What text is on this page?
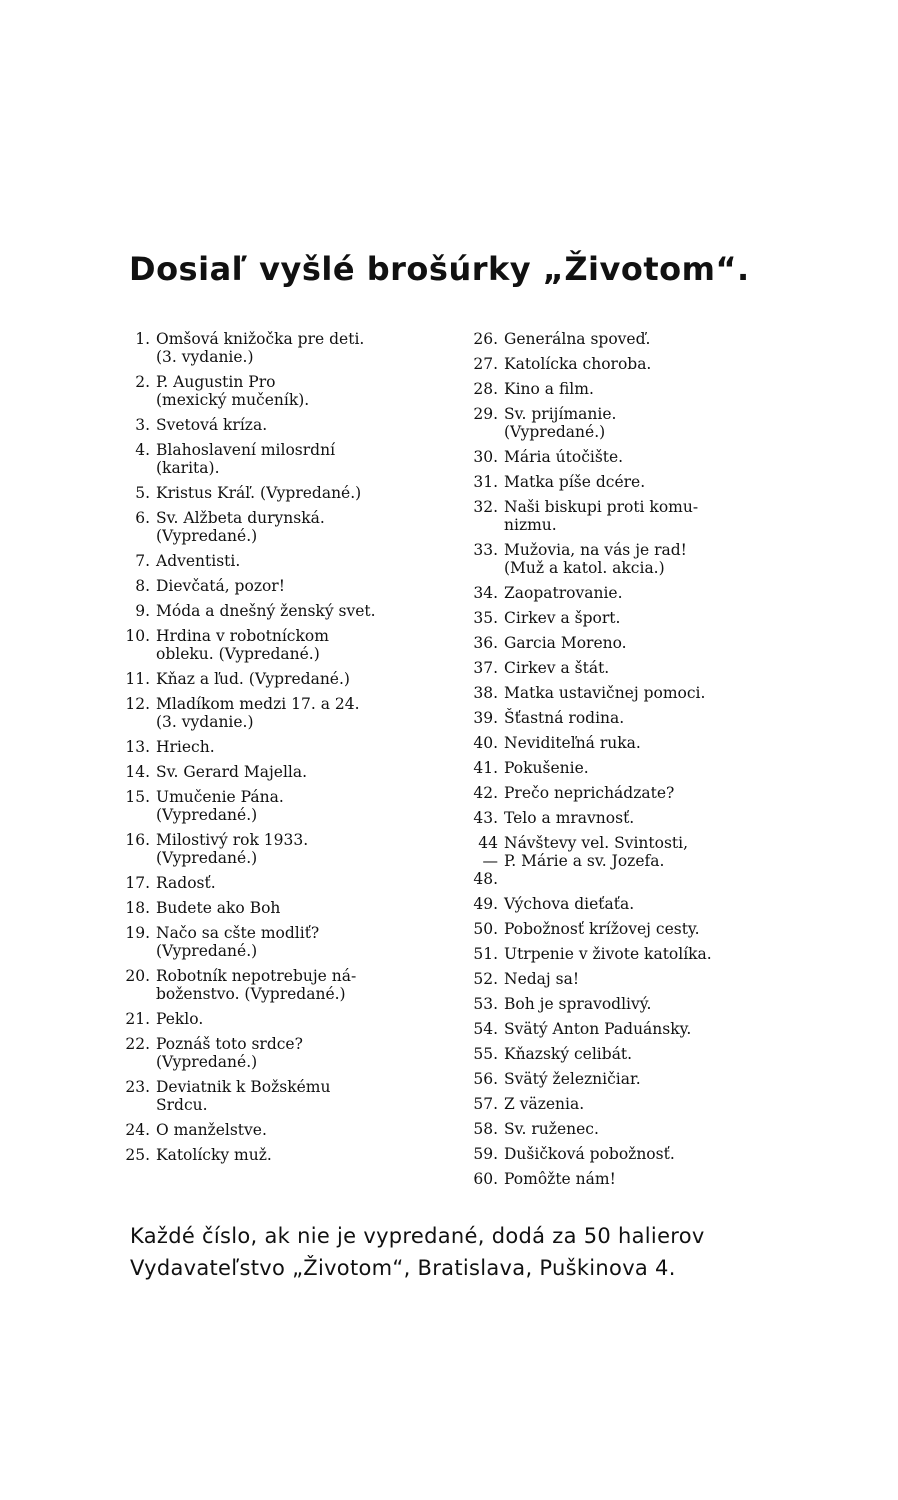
Dosiaľ vyšlé brošúrky „Životom“.
1. Omšová knižočka pre deti.
(3. vydanie.)
2. P. Augustin Pro
(mexický mučeník).
3. Svetová kríza.
4. Blahoslavení milosrdní
(karita).
5. Kristus Kráľ. (Vypredané.)
6. Sv. Alžbeta durynská.
(Vypredané.)
7. Adventisti.
8. Dievčatá, pozor!
9. Móda a dnešný ženský svet.
10. Hrdina v robotníckom
obleku. (Vypredané.)
11. Kňaz a ľud. (Vypredané.)
12. Mladíkom medzi 17. a 24.
(3. vydanie.)
13. Hriech.
14. Sv. Gerard Majella.
15. Umučenie Pána.
(Vypredané.)
16. Milostivý rok 1933.
(Vypredané.)
17. Radosť.
18. Budete ako Boh
19. Načo sa cšte modliť?
(Vypredané.)
20. Robotník nepotrebuje ná-
boženstvo. (Vypredané.)
21. Peklo.
22. Poznáš toto srdce?
(Vypredané.)
23. Deviatnik k Božskému
Srdcu.
24. O manželstve.
25. Katolícky muž.
26. Generálna spoveď.
27. Katolícka choroba.
28. Kino a film.
29. Sv. prijímanie.
(Vypredané.)
30. Mária útočište.
31. Matka píše dcére.
32. Naši biskupi proti komu-
nizmu.
33. Mužovia, na vás je rad!
(Muž a katol. akcia.)
34. Zaopatrovanie.
35. Cirkev a šport.
36. Garcia Moreno.
37. Cirkev a štát.
38. Matka ustavičnej pomoci.
39. Šťastná rodina.
40. Neviditeľná ruka.
41. Pokušenie.
42. Prečo neprichádzate?
43. Telo a mravnosť.
44—48.
Návštevy vel. Svintosti,
P. Márie a sv. Jozefa.
49. Výchova dieťaťa.
50. Pobožnosť krížovej cesty.
51. Utrpenie v živote katolíka.
52. Nedaj sa!
53. Boh je spravodlivý.
54. Svätý Anton Paduánsky.
55. Kňazský celibát.
56. Svätý železničiar.
57. Z väzenia.
58. Sv. ruženec.
59. Dušičková pobožnosť.
60. Pomôžte nám!
Každé číslo, ak nie je vypredané, dodá za 50 halierov
Vydavateľstvo „Životom“, Bratislava, Puškinova 4.
